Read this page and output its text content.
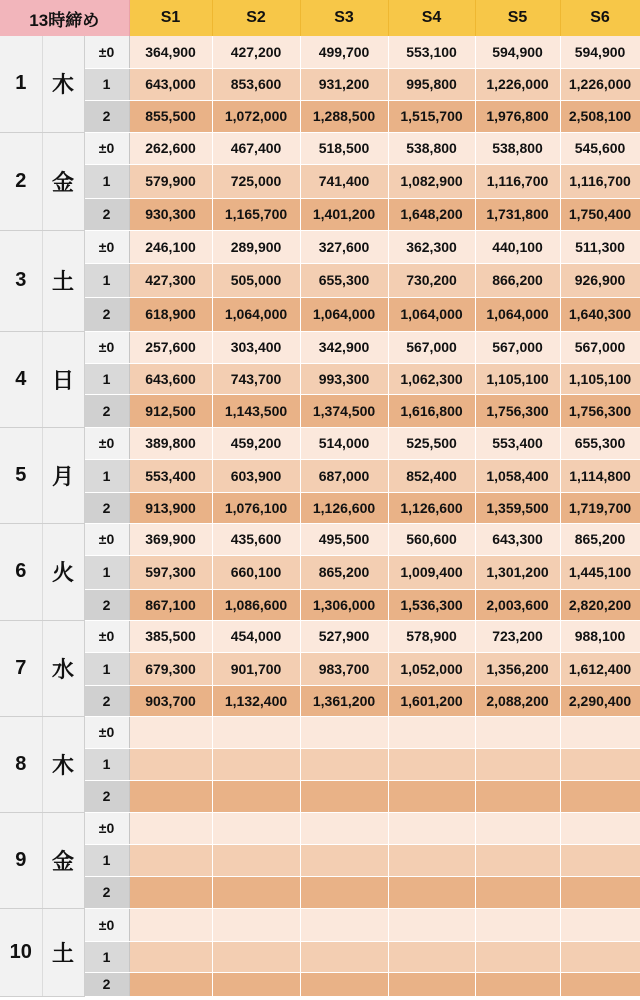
13時締め			S1	S2	S3	S4	S5	S6
1	木	±0	364,900	427,200	499,700	553,100	594,900	594,900
		1	643,000	853,600	931,200	995,800	1,226,000	1,226,000
		2	855,500	1,072,000	1,288,500	1,515,700	1,976,800	2,508,100
2	金	±0	262,600	467,400	518,500	538,800	538,800	545,600
		1	579,900	725,000	741,400	1,082,900	1,116,700	1,116,700
		2	930,300	1,165,700	1,401,200	1,648,200	1,731,800	1,750,400
3	土	±0	246,100	289,900	327,600	362,300	440,100	511,300
		1	427,300	505,000	655,300	730,200	866,200	926,900
		2	618,900	1,064,000	1,064,000	1,064,000	1,064,000	1,640,300
4	日	±0	257,600	303,400	342,900	567,000	567,000	567,000
		1	643,600	743,700	993,300	1,062,300	1,105,100	1,105,100
		2	912,500	1,143,500	1,374,500	1,616,800	1,756,300	1,756,300
5	月	±0	389,800	459,200	514,000	525,500	553,400	655,300
		1	553,400	603,900	687,000	852,400	1,058,400	1,114,800
		2	913,900	1,076,100	1,126,600	1,126,600	1,359,500	1,719,700
6	火	±0	369,900	435,600	495,500	560,600	643,300	865,200
		1	597,300	660,100	865,200	1,009,400	1,301,200	1,445,100
		2	867,100	1,086,600	1,306,000	1,536,300	2,003,600	2,820,200
7	水	±0	385,500	454,000	527,900	578,900	723,200	988,100
		1	679,300	901,700	983,700	1,052,000	1,356,200	1,612,400
		2	903,700	1,132,400	1,361,200	1,601,200	2,088,200	2,290,400
8	木	±0						
		1						
		2						
9	金	±0						
		1						
		2						
10	土	±0						
		1						
		2						
